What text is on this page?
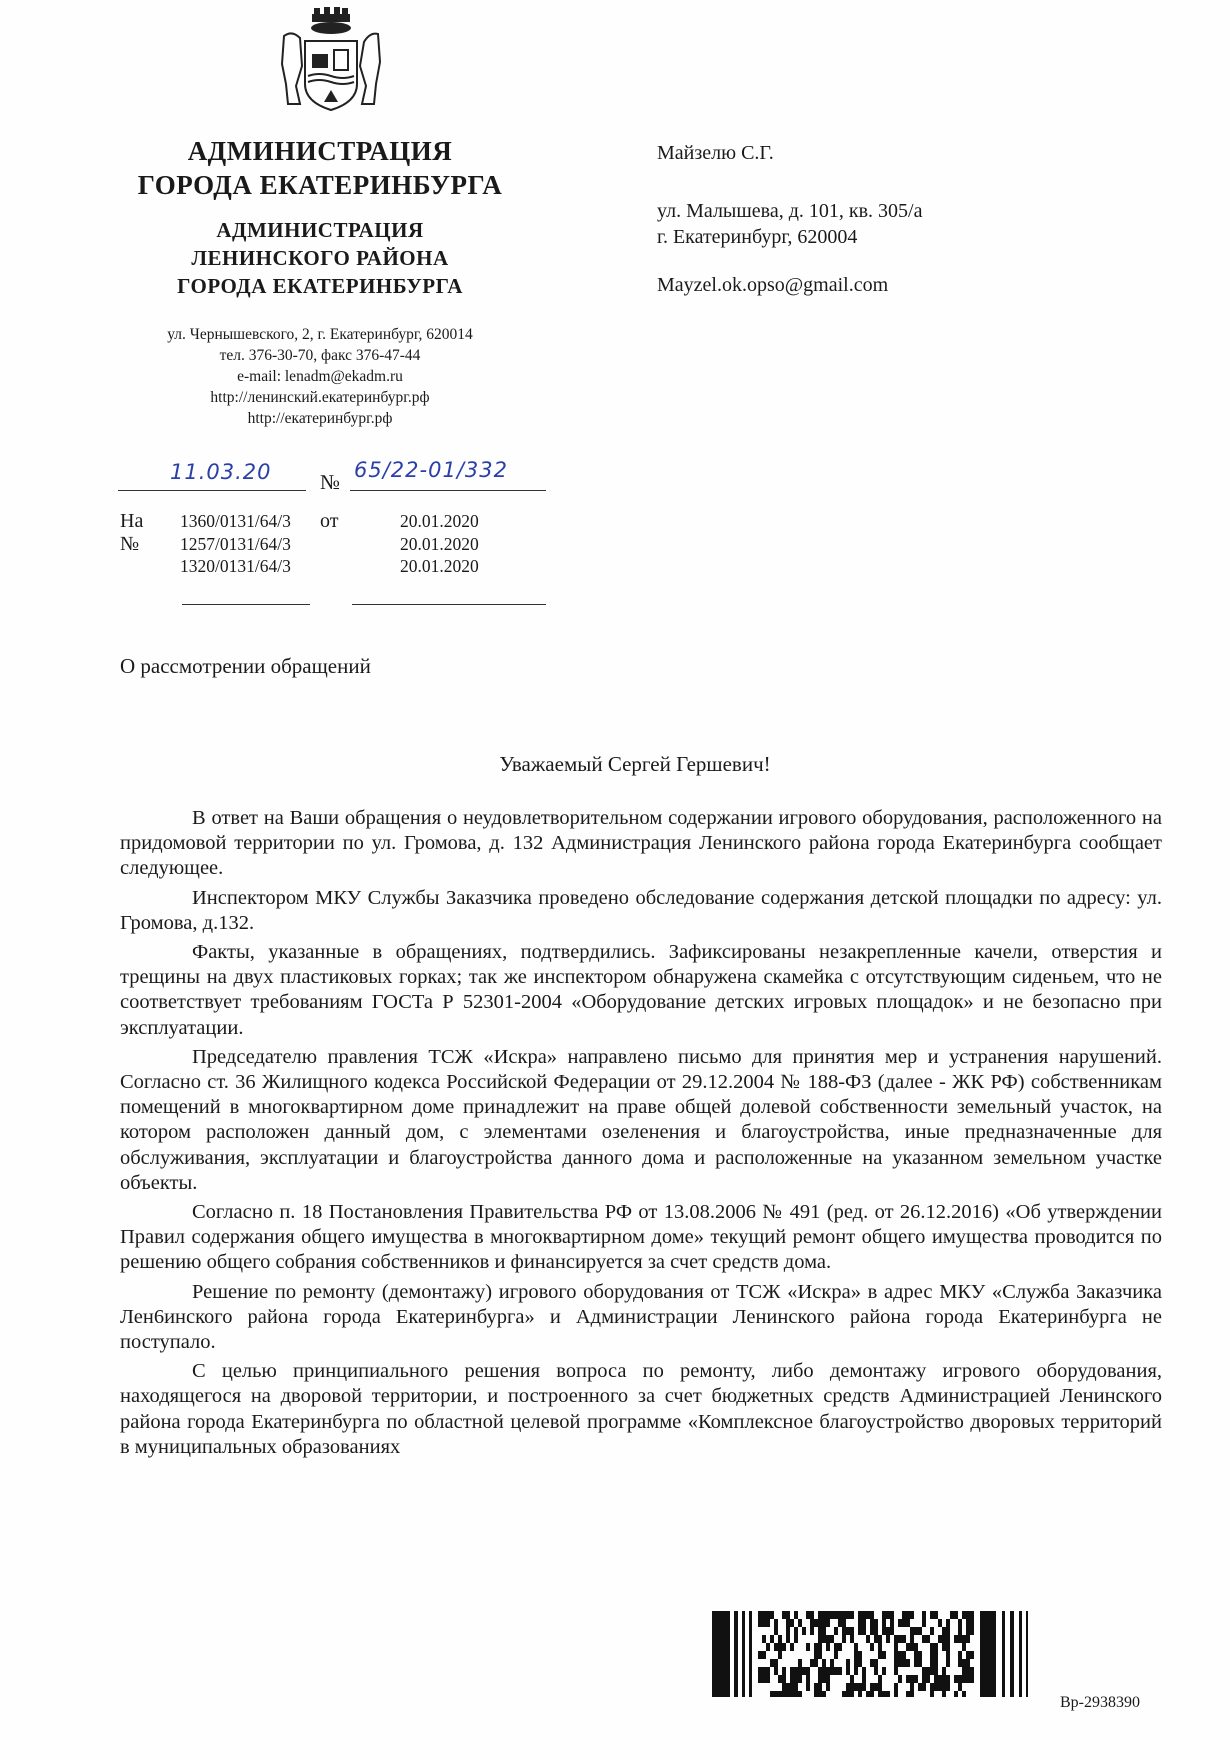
АДМИНИСТРАЦИЯ
ГОРОДА ЕКАТЕРИНБУРГА
АДМИНИСТРАЦИЯ
ЛЕНИНСКОГО РАЙОНА
ГОРОДА ЕКАТЕРИНБУРГА
ул. Чернышевского, 2, г. Екатеринбург, 620014
тел. 376-30-70, факс 376-47-44
e-mail: lenadm@ekadm.ru
http://ленинский.екатеринбург.рф
http://екатеринбург.рф
Майзелю С.Г.
ул. Малышева, д. 101, кв. 305/а
г. Екатеринбург, 620004
Mayzel.ok.opso@gmail.com
11.03.20 № 65/22-01/332
На №
1360/0131/64/3 от	20.01.2020
1257/0131/64/3	20.01.2020
1320/0131/64/3	20.01.2020
О рассмотрении обращений
Уважаемый Сергей Гершевич!

В ответ на Ваши обращения о неудовлетворительном содержании игрового оборудования, расположенного на придомовой территории по ул. Громова, д. 132 Администрация Ленинского района города Екатеринбурга сообщает следующее.

Инспектором МКУ Службы Заказчика проведено обследование содержания детской площадки по адресу: ул. Громова, д.132.

Факты, указанные в обращениях, подтвердились. Зафиксированы незакрепленные качели, отверстия и трещины на двух пластиковых горках; так же инспектором обнаружена скамейка с отсутствующим сиденьем, что не соответствует требованиям ГОСТа Р 52301-2004 «Оборудование детских игровых площадок» и не безопасно при эксплуатации.

Председателю правления ТСЖ «Искра» направлено письмо для принятия мер и устранения нарушений. Согласно ст. 36 Жилищного кодекса Российской Федерации от 29.12.2004 № 188-ФЗ (далее - ЖК РФ) собственникам помещений в многоквартирном доме принадлежит на праве общей долевой собственности земельный участок, на котором расположен данный дом, с элементами озеленения и благоустройства, иные предназначенные для обслуживания, эксплуатации и благоустройства данного дома и расположенные на указанном земельном участке объекты.

Согласно п. 18 Постановления Правительства РФ от 13.08.2006 № 491 (ред. от 26.12.2016) «Об утверждении Правил содержания общего имущества в многоквартирном доме» текущий ремонт общего имущества проводится по решению общего собрания собственников и финансируется за счет средств дома.

Решение по ремонту (демонтажу) игрового оборудования от ТСЖ «Искра» в адрес МКУ «Служба Заказчика Лен6инского района города Екатеринбурга» и Администрации Ленинского района города Екатеринбурга не поступало.

С целью принципиального решения вопроса по ремонту, либо демонтажу игрового оборудования, находящегося на дворовой территории, и построенного за счет бюджетных средств Администрацией Ленинского района города Екатеринбурга по областной целевой программе «Комплексное благоустройство дворовых территорий в муниципальных образованиях

Вр-2938390
